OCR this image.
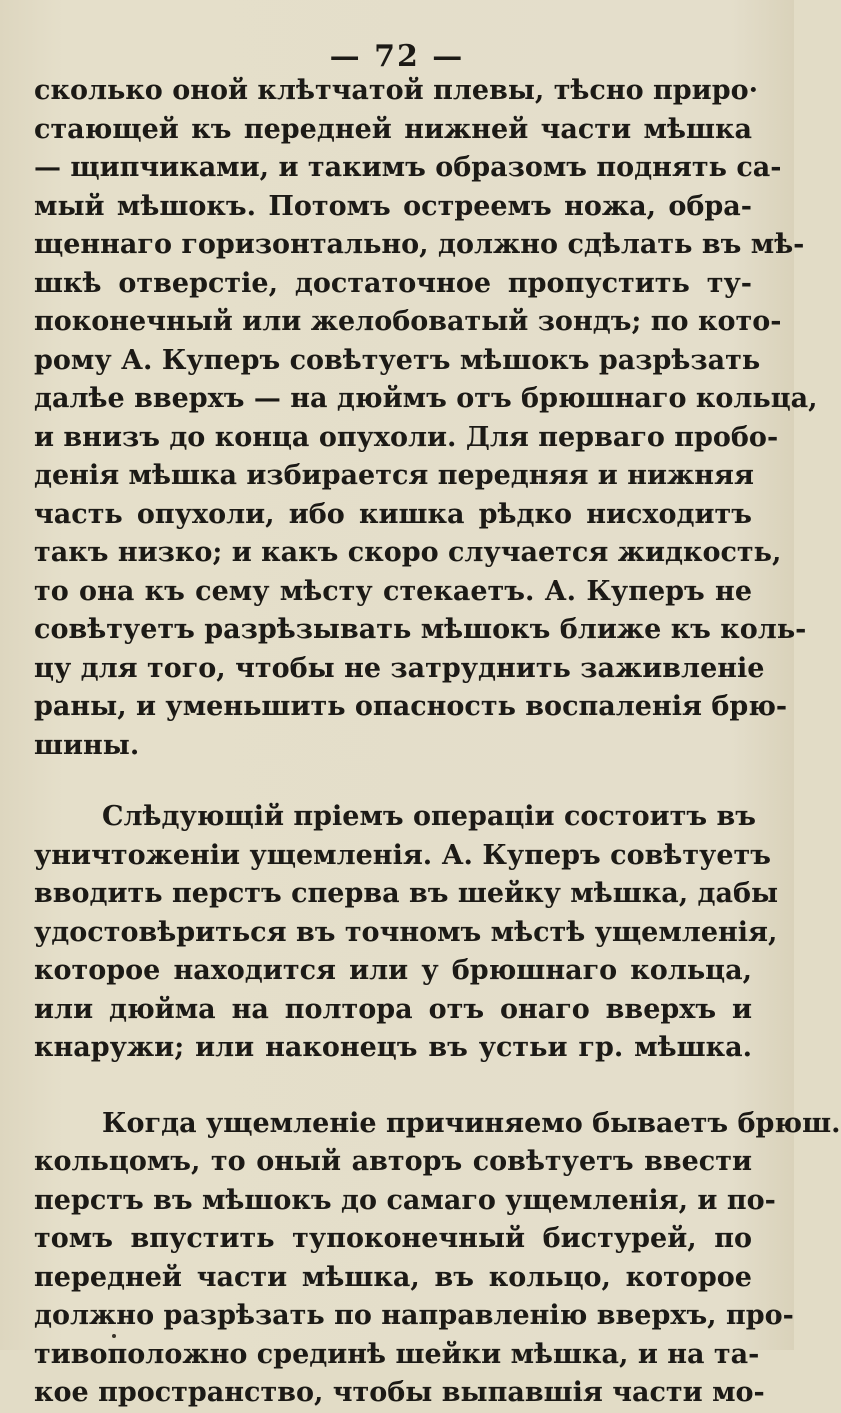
— 72 —
сколько оной клѣтчатой плевы, тѣсно приро·
стающей къ передней нижней части мѣшка
— щипчиками, и такимъ образомъ поднять са-
мый мѣшокъ. Потомъ остреемъ ножа, обра-
щеннаго горизонтально, должно сдѣлать въ мѣ-
шкѣ отверстіе, достаточное пропустить ту-
поконечный или желобоватый зондъ; по кото-
рому А. Куперъ совѣтуетъ мѣшокъ разрѣзать
далѣе вверхъ — на дюймъ отъ брюшнаго кольца,
и внизъ до конца опухоли. Для перваго пробо-
денія мѣшка избирается передняя и нижняя
часть опухоли, ибо кишка рѣдко нисходитъ
такъ низко; и какъ скоро случается жидкость,
то она къ сему мѣсту стекаетъ. А. Куперъ не
совѣтуетъ разрѣзывать мѣшокъ ближе къ коль-
цу для того, чтобы не затруднить заживленіе
раны, и уменьшить опасность воспаленія брю-
шины.
Слѣдующій пріемъ операціи состоитъ въ
уничтоженіи ущемленія. А. Куперъ совѣтуетъ
вводить перстъ сперва въ шейку мѣшка, дабы
удостовѣриться въ точномъ мѣстѣ ущемленія,
которое находится или у брюшнаго кольца,
или дюйма на полтора отъ онаго вверхъ и
кнаружи; или наконецъ въ устьи гр. мѣшка.
Когда ущемленіе причиняемо бываетъ брюш.
кольцомъ, то оный авторъ совѣтуетъ ввести
перстъ въ мѣшокъ до самаго ущемленія, и по-
томъ впустить тупоконечный бистурей, по
передней части мѣшка, въ кольцо, которое
должно разрѣзать по направленію вверхъ, про-
тивоположно срединѣ шейки мѣшка, и на та-
кое пространство, чтобы выпавшія части мо-
